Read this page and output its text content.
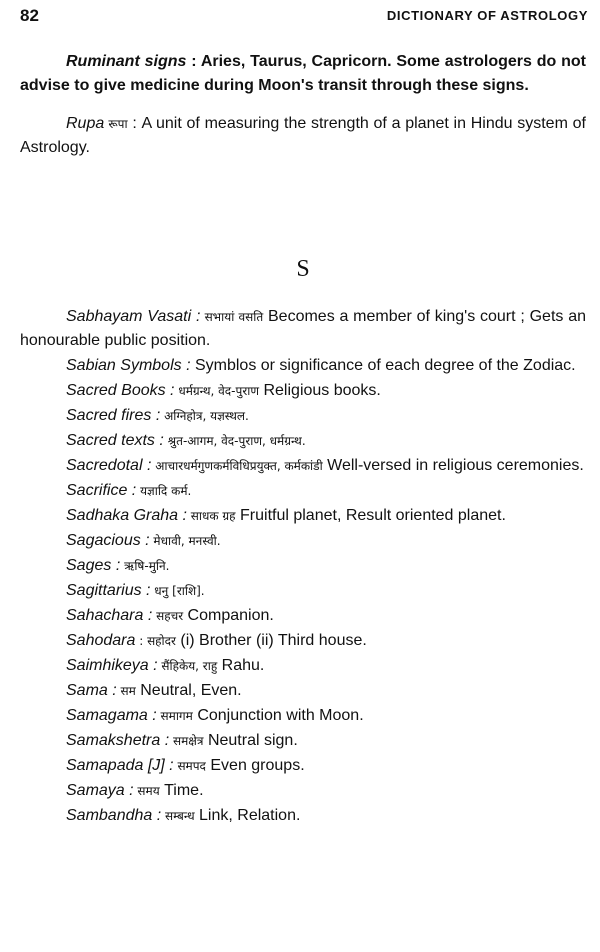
82	DICTIONARY OF ASTROLOGY

Ruminant signs : Aries, Taurus, Capricorn. Some astrologers do not advise to give medicine during Moon's transit through these signs.

Rupa रूपा : A unit of measuring the strength of a planet in Hindu system of Astrology.

S

Sabhayam Vasati : सभायां वसति Becomes a member of king's court ; Gets an honourable public position.

Sabian Symbols : Symblos or significance of each degree of the Zodiac.

Sacred Books : धर्मग्रन्थ, वेद-पुराण Religious books.

Sacred fires : अग्निहोत्र, यज्ञस्थल.

Sacred texts : श्रुत-आगम, वेद-पुराण, धर्मग्रन्थ.

Sacredotal : आचारधर्मगुणकर्मविधिप्रयुक्त, कर्मकांडी Well-versed in religious ceremonies.

Sacrifice : यज्ञादि कर्म.

Sadhaka Graha : साधक ग्रह Fruitful planet, Result oriented planet.

Sagacious : मेधावी, मनस्वी.

Sages : ऋषि-मुनि.

Sagittarius : धनु [राशि].

Sahachara : सहचर Companion.

Sahodara : सहोदर (i) Brother (ii) Third house.

Saimhikeya : सैंहिकेय, राहु Rahu.

Sama : सम Neutral, Even.

Samagama : समागम Conjunction with Moon.

Samakshetra : समक्षेत्र Neutral sign.

Samapada [J] : समपद Even groups.

Samaya : समय Time.

Sambandha : सम्बन्ध Link, Relation.
